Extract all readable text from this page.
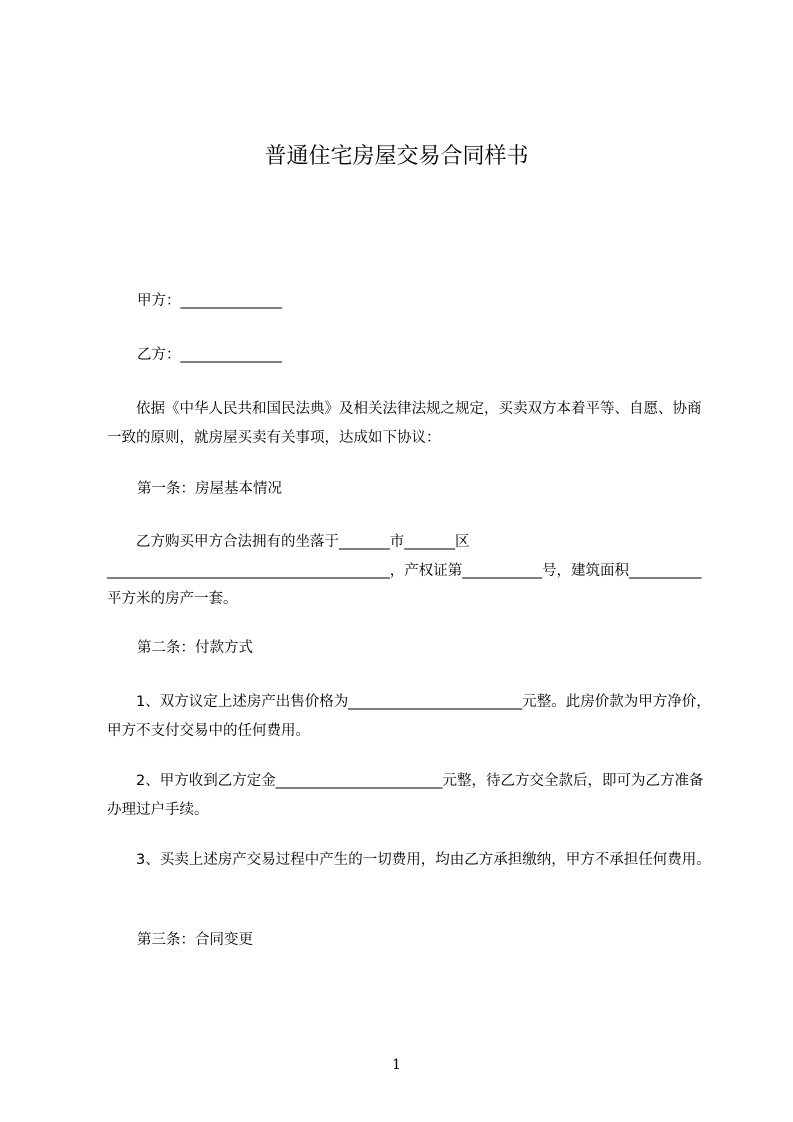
普通住宅房屋交易合同样书
甲方：______________
乙方：______________
依据《中华人民共和国民法典》及相关法律法规之规定，买卖双方本着平等、自愿、协商一致的原则，就房屋买卖有关事项，达成如下协议：
第一条：房屋基本情况
乙方购买甲方合法拥有的坐落于_______市_______区_______________________________________，产权证第___________号，建筑面积__________平方米的房产一套。
第二条：付款方式
1、双方议定上述房产出售价格为________________________元整。此房价款为甲方净价，甲方不支付交易中的任何费用。
2、甲方收到乙方定金_______________________元整，待乙方交全款后，即可为乙方准备办理过户手续。
3、买卖上述房产交易过程中产生的一切费用，均由乙方承担缴纳，甲方不承担任何费用。
第三条：合同变更
1
